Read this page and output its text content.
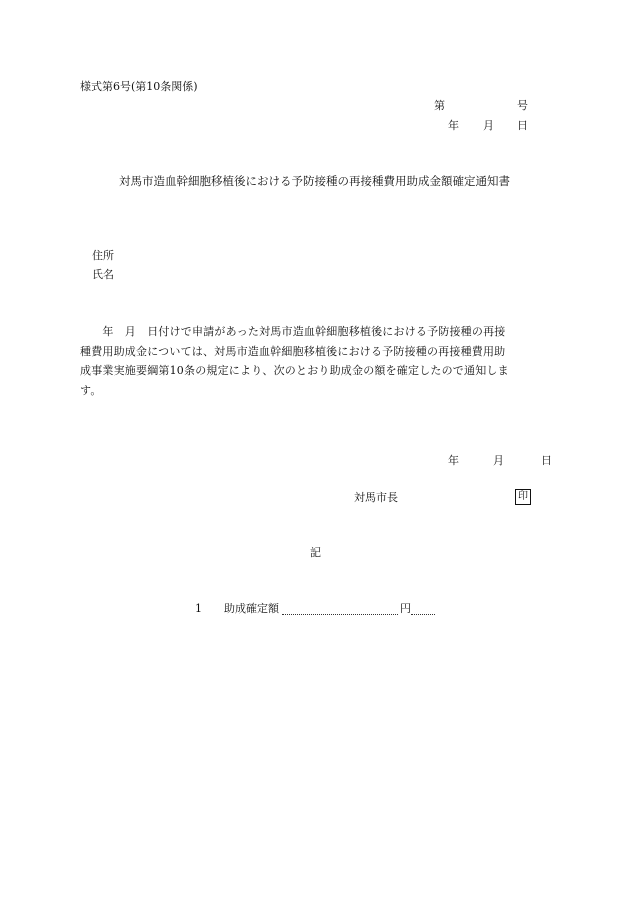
様式第6号(第10条関係)
第	号
年 月 日
対馬市造血幹細胞移植後における予防接種の再接種費用助成金額確定通知書
住所
氏名
　　年　月　日付けで申請があった対馬市造血幹細胞移植後における予防接種の再接
種費用助成金については、対馬市造血幹細胞移植後における予防接種の再接種費用助
成事業実施要綱第10条の規定により、次のとおり助成金の額を確定したので通知しま
す。
年	月	日
対馬市長	印
記
1 助成確定額	円
